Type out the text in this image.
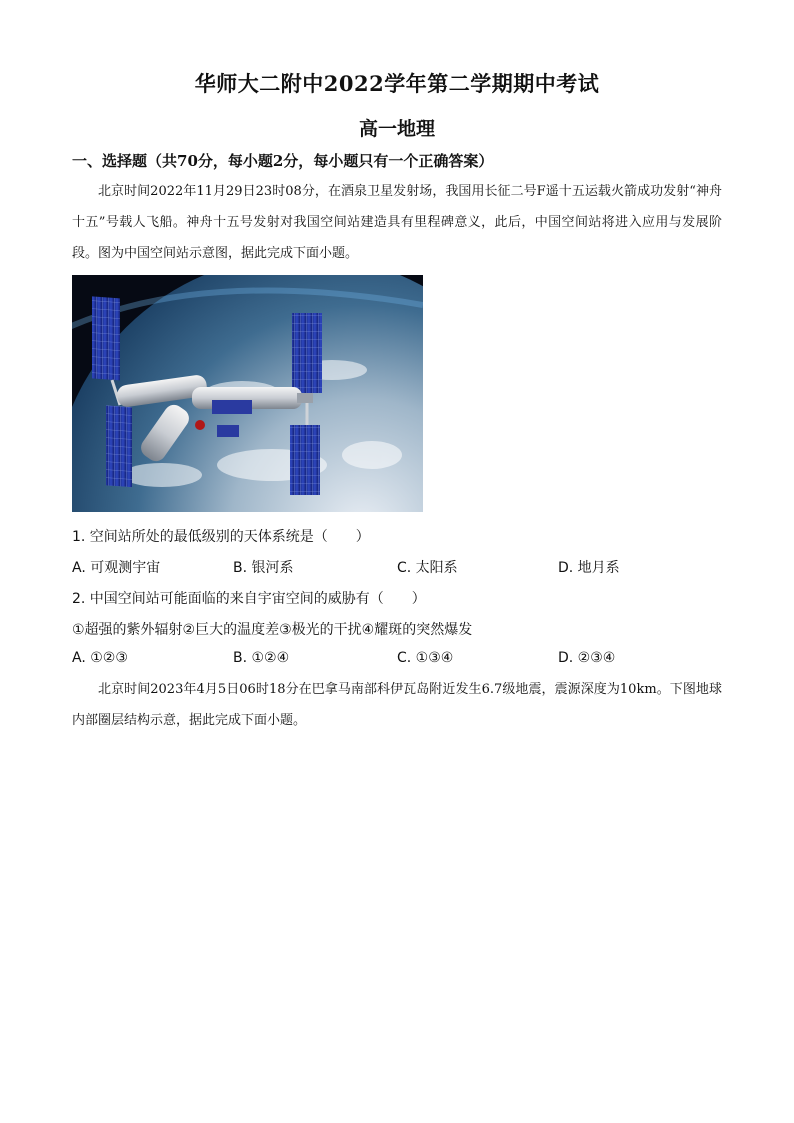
华师大二附中2022学年第二学期期中考试
高一地理
一、选择题（共70分，每小题2分，每小题只有一个正确答案）
北京时间2022年11月29日23时08分，在酒泉卫星发射场，我国用长征二号F遥十五运载火箭成功发射“神舟十五”号载人飞船。神舟十五号发射对我国空间站建造具有里程碑意义，此后，中国空间站将进入应用与发展阶段。图为中国空间站示意图，据此完成下面小题。
1. 空间站所处的最低级别的天体系统是（　　）
A. 可观测宇宙	B. 银河系	C. 太阳系	D. 地月系
2. 中国空间站可能面临的来自宇宙空间的威胁有（　　）
①超强的紫外辐射②巨大的温度差③极光的干扰④耀斑的突然爆发
A. ①②③	B. ①②④	C. ①③④	D. ②③④
北京时间2023年4月5日06时18分在巴拿马南部科伊瓦岛附近发生6.7级地震，震源深度为10km。下图地球内部圈层结构示意，据此完成下面小题。
